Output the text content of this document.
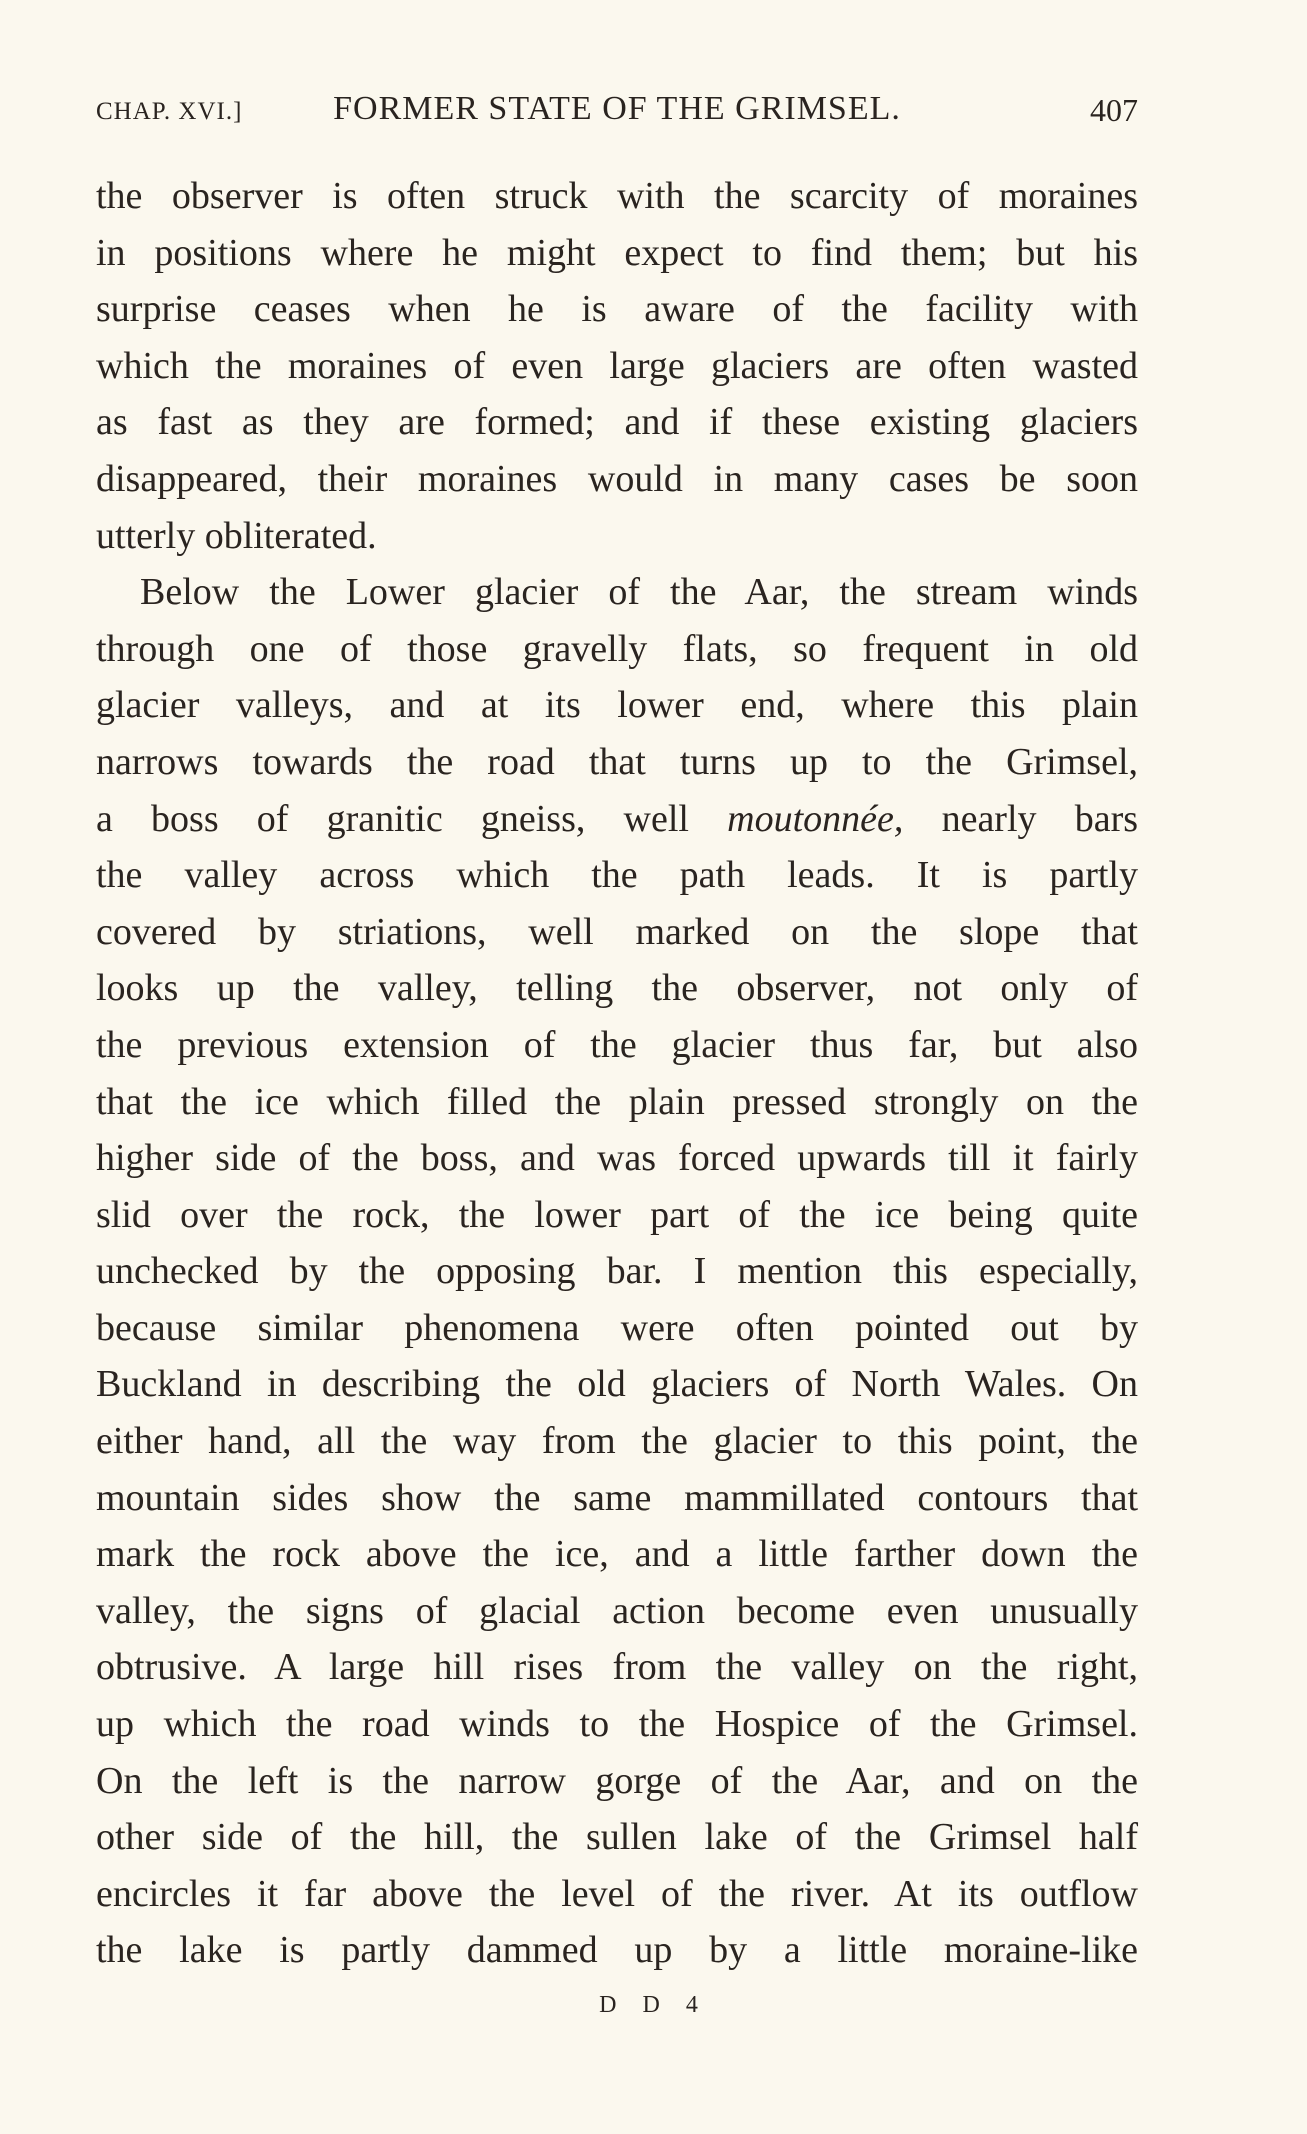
CHAP. XVI.]	FORMER STATE OF THE GRIMSEL.	407
the observer is often struck with the scarcity of moraines
in positions where he might expect to find them; but his
surprise ceases when he is aware of the facility with
which the moraines of even large glaciers are often wasted
as fast as they are formed; and if these existing glaciers
disappeared, their moraines would in many cases be soon
utterly obliterated.
Below the Lower glacier of the Aar, the stream winds
through one of those gravelly flats, so frequent in old
glacier valleys, and at its lower end, where this plain
narrows towards the road that turns up to the Grimsel,
a boss of granitic gneiss, well moutonnée, nearly bars
the valley across which the path leads. It is partly
covered by striations, well marked on the slope that
looks up the valley, telling the observer, not only of
the previous extension of the glacier thus far, but also
that the ice which filled the plain pressed strongly on the
higher side of the boss, and was forced upwards till it fairly
slid over the rock, the lower part of the ice being quite
unchecked by the opposing bar. I mention this especially,
because similar phenomena were often pointed out by
Buckland in describing the old glaciers of North Wales. On
either hand, all the way from the glacier to this point, the
mountain sides show the same mammillated contours that
mark the rock above the ice, and a little farther down the
valley, the signs of glacial action become even unusually
obtrusive. A large hill rises from the valley on the right,
up which the road winds to the Hospice of the Grimsel.
On the left is the narrow gorge of the Aar, and on the
other side of the hill, the sullen lake of the Grimsel half
encircles it far above the level of the river. At its outflow
the lake is partly dammed up by a little moraine-like
D D 4
